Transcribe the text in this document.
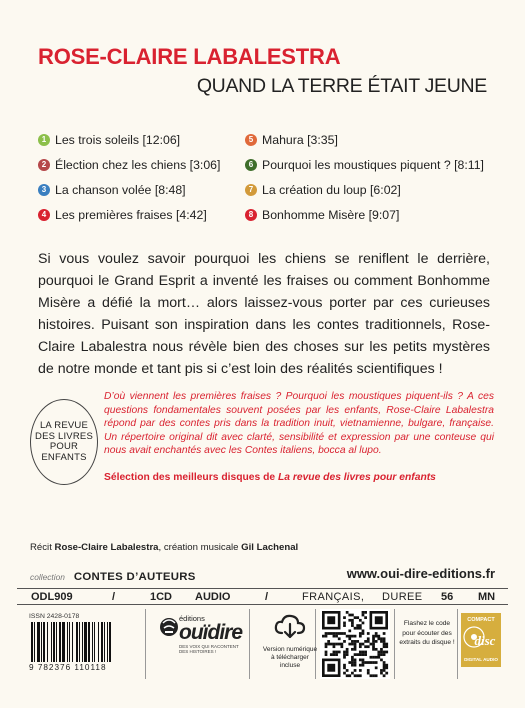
ROSE-CLAIRE LABALESTRA
QUAND LA TERRE ÉTAIT JEUNE
1 Les trois soleils [12:06]	5 Mahura [3:35]
2 Élection chez les chiens [3:06]	6 Pourquoi les moustiques piquent ? [8:11]
3 La chanson volée [8:48]	7 La création du loup [6:02]
4 Les premières fraises [4:42]	8 Bonhomme Misère [9:07]

Si vous voulez savoir pourquoi les chiens se reniflent le derrière, pourquoi le Grand Esprit a inventé les fraises ou comment Bonhomme Misère a défié la mort… alors laissez-vous porter par ces curieuses histoires. Puisant son inspiration dans les contes traditionnels, Rose-Claire Labalestra nous révèle bien des choses sur les petits mystères de notre monde et tant pis si c’est loin des réalités scientifiques !

LA REVUE
DES LIVRES
POUR
ENFANTS

D’où viennent les premières fraises ? Pourquoi les moustiques piquent-ils ? A ces questions fondamentales souvent posées par les enfants, Rose-Claire Labalestra répond par des contes pris dans la tradition inuit, vietnamienne, bulgare, française. Un répertoire original dit avec clarté, sensibilité et expression par une conteuse qui nous avait enchantés avec les Contes italiens, bocca al lupo.

Sélection des meilleurs disques de La revue des livres pour enfants
Récit Rose-Claire Labalestra, création musicale Gil Lachenal
collection CONTES D’AUTEURS	www.oui-dire-editions.fr
ODL909	/	1CD AUDIO	/	FRANÇAIS, DUREE 56 MN
ISSN 2428-0178
9 782376 110118
éditions
ouïdire
DES VOIX QUI RACONTENT DES HISTOIRES !	Version numérique
à télécharger
incluse
Flashez le code
pour écouter des
extraits du disque !
COMPACT
disc
DIGITAL AUDIO
